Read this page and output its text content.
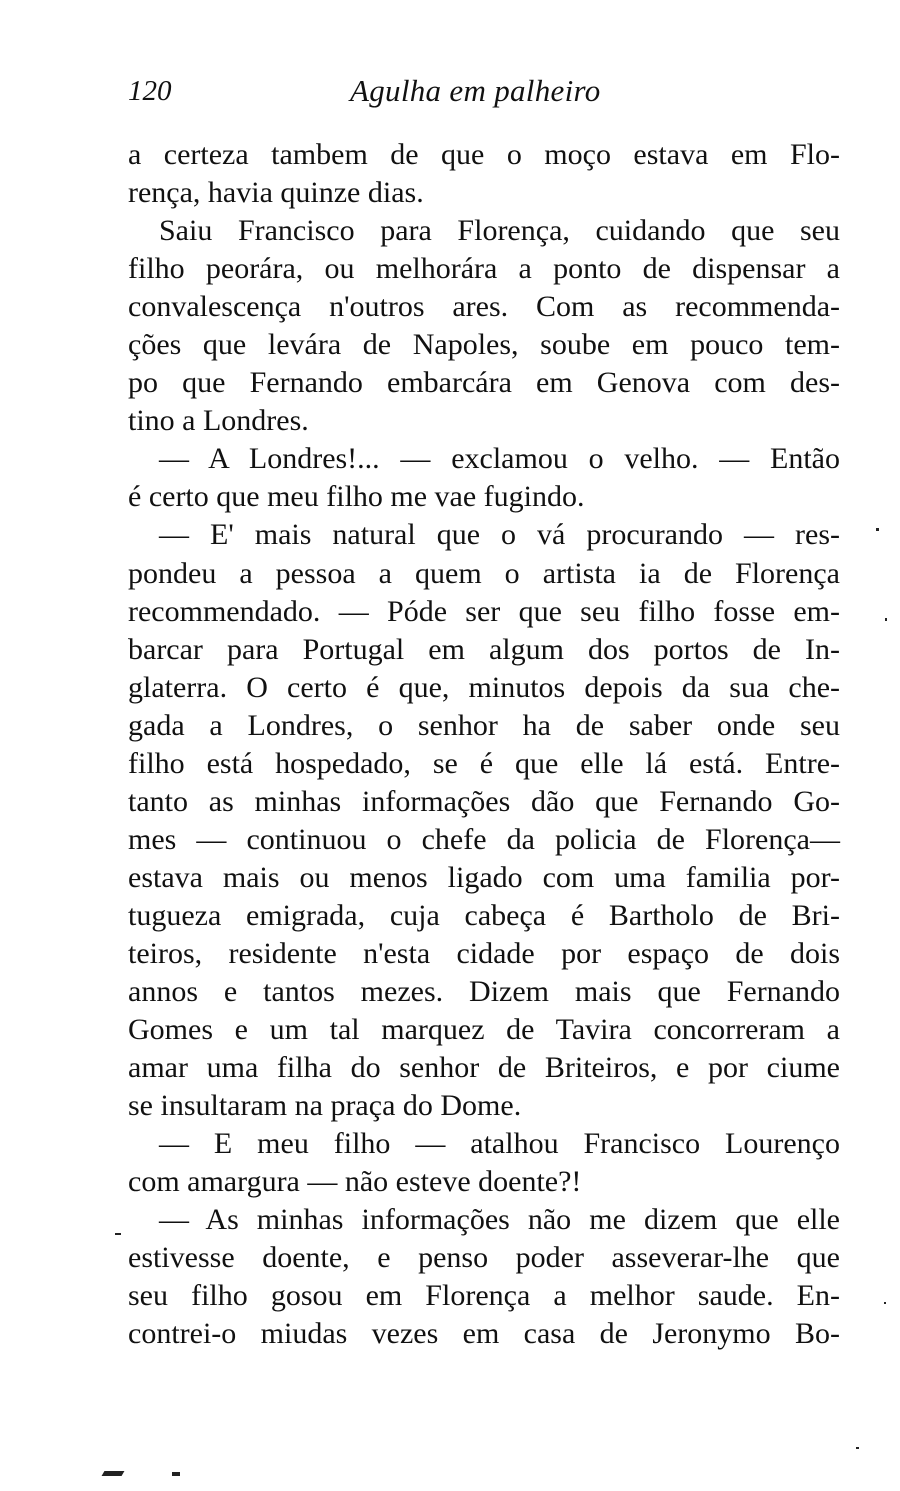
120	Agulha em palheiro
a certeza tambem de que o moço estava em Flo-
rença, havia quinze dias.
Saiu Francisco para Florença, cuidando que seu
filho peorára, ou melhorára a ponto de dispensar a
convalescença n'outros ares. Com as recommenda-
ções que levára de Napoles, soube em pouco tem-
po que Fernando embarcára em Genova com des-
tino a Londres.
— A Londres!... — exclamou o velho. — Então
é certo que meu filho me vae fugindo.
— E' mais natural que o vá procurando — res-
pondeu a pessoa a quem o artista ia de Florença
recommendado. — Póde ser que seu filho fosse em-
barcar para Portugal em algum dos portos de In-
glaterra. O certo é que, minutos depois da sua che-
gada a Londres, o senhor ha de saber onde seu
filho está hospedado, se é que elle lá está. Entre-
tanto as minhas informações dão que Fernando Go-
mes — continuou o chefe da policia de Florença—
estava mais ou menos ligado com uma familia por-
tugueza emigrada, cuja cabeça é Bartholo de Bri-
teiros, residente n'esta cidade por espaço de dois
annos e tantos mezes. Dizem mais que Fernando
Gomes e um tal marquez de Tavira concorreram a
amar uma filha do senhor de Briteiros, e por ciume
se insultaram na praça do Dome.
— E meu filho — atalhou Francisco Lourenço
com amargura — não esteve doente?!
— As minhas informações não me dizem que elle
estivesse doente, e penso poder asseverar-lhe que
seu filho gosou em Florença a melhor saude. En-
contrei-o miudas vezes em casa de Jeronymo Bo-
